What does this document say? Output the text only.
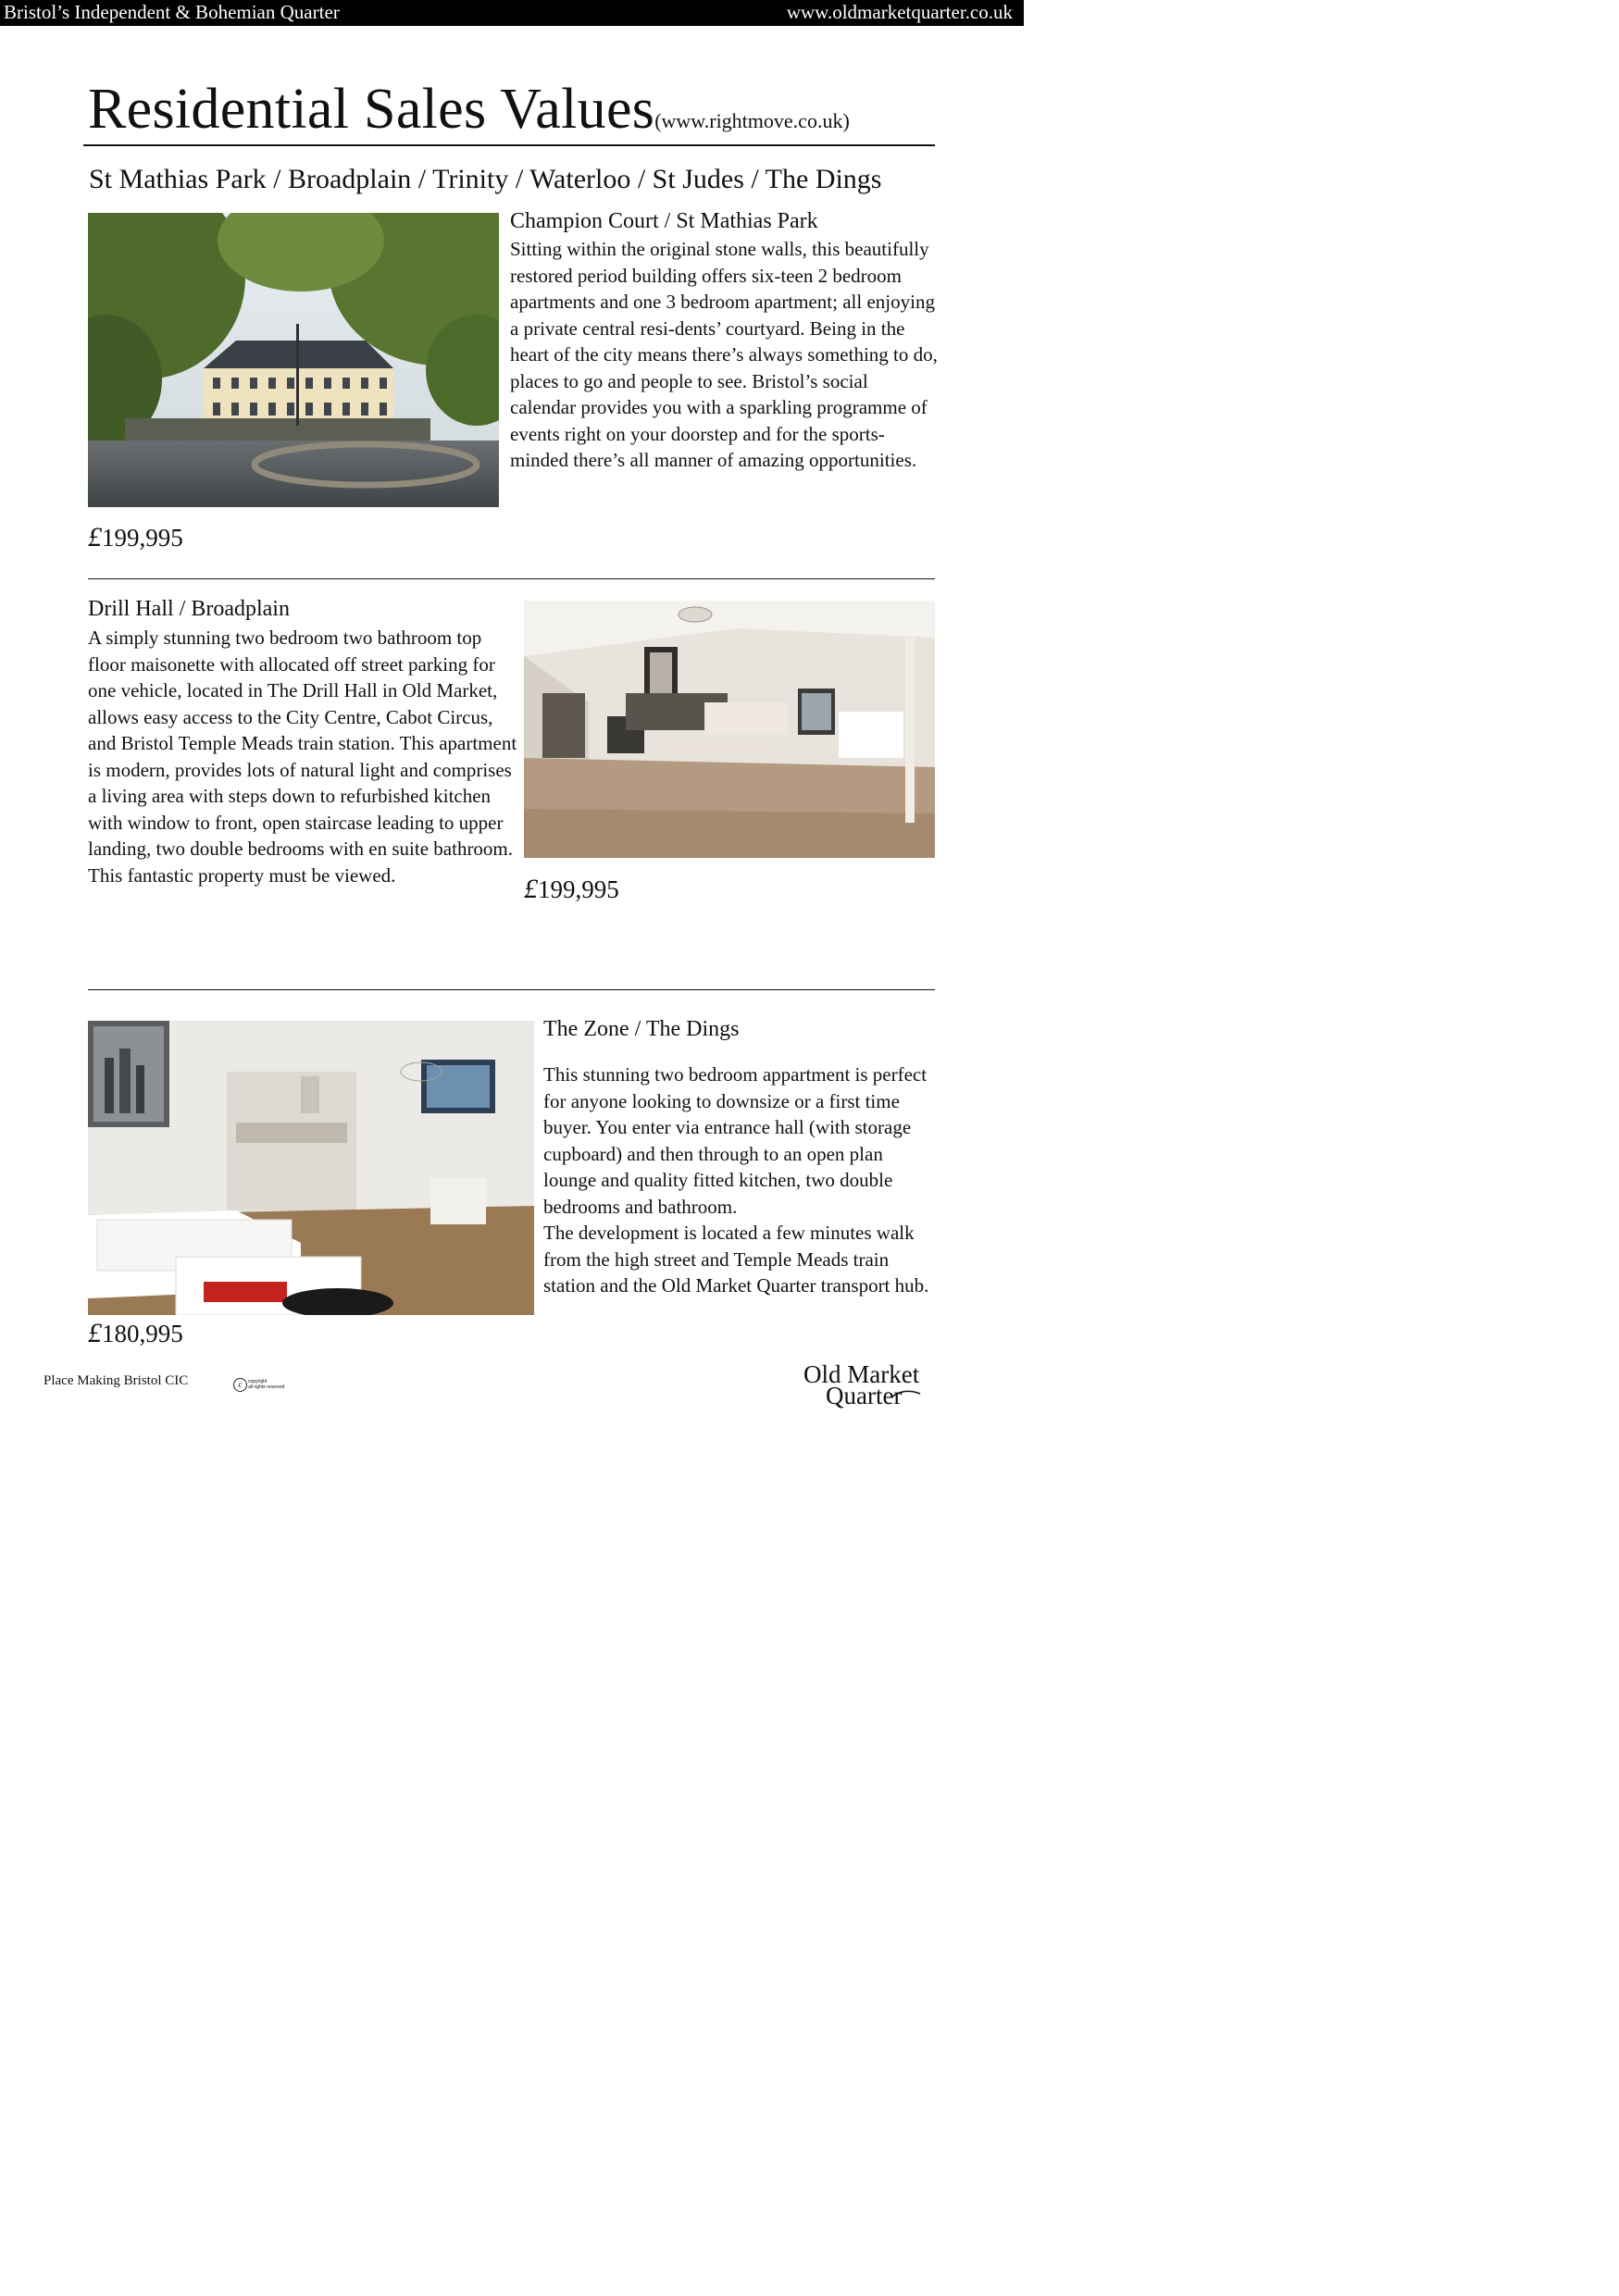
Bristol’s Independent & Bohemian Quarter	www.oldmarketquarter.co.uk
Residential Sales Values(www.rightmove.co.uk)
St Mathias Park / Broadplain / Trinity / Waterloo / St Judes / The Dings
Champion Court / St Mathias Park

Sitting within the original stone walls, this beautifully restored period building offers six-teen 2 bedroom apartments and one 3 bedroom apartment; all enjoying a private central resi-dents’ courtyard. Being in the heart of the city means there’s always something to do, places to go and people to see. Bristol’s social calendar provides you with a sparkling programme of events right on your doorstep and for the sports-minded there’s all manner of amazing opportunities.

£199,995
Drill Hall / Broadplain

A simply stunning two bedroom two bathroom top floor maisonette with allocated off street parking for one vehicle, located in The Drill Hall in Old Market, allows easy access to the City Centre, Cabot Circus, and Bristol Temple Meads train station. This apartment is modern, provides lots of natural light and comprises a living area with steps down to refurbished kitchen with window to front, open staircase leading to upper landing, two double bedrooms with en suite bathroom. This fantastic property must be viewed.	£199,995
The Zone / The Dings

This stunning two bedroom appartment is perfect for anyone looking to downsize or a first time buyer. You enter via entrance hall (with storage cupboard) and then through to an open plan lounge and quality fitted kitchen, two double bedrooms and bathroom.

The development is located a few minutes walk from the high street and Temple Meads train station and the Old Market Quarter transport hub.

£180,995
Place Making Bristol CIC	c	copyright
all rights reserved	Old Market
Quarter
